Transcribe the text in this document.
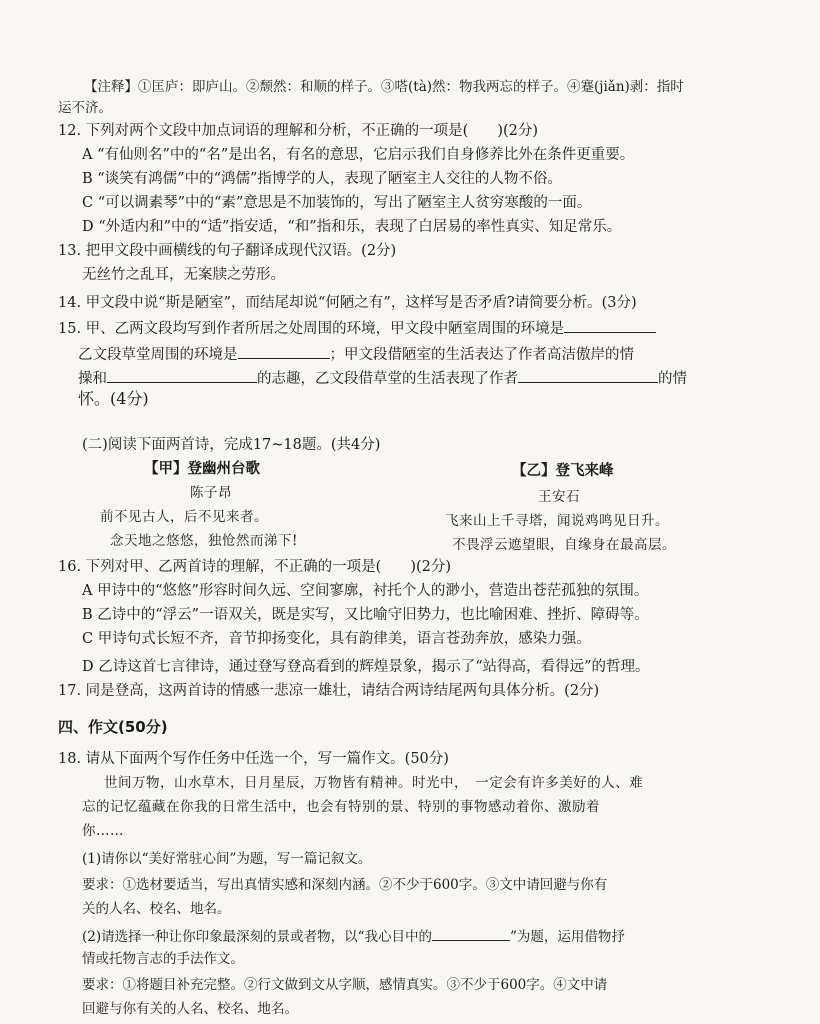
【注释】①匡庐：即庐山。②颓然：和顺的样子。③嗒(tà)然：物我两忘的样子。④蹇(jiǎn)剥：指时
运不济。
12. 下列对两个文段中加点词语的理解和分析，不正确的一项是(　　)(2分)
A “有仙则名”中的“名”是出名，有名的意思，它启示我们自身修养比外在条件更重要。
B “谈笑有鸿儒”中的“鸿儒”指博学的人，表现了陋室主人交往的人物不俗。
C “可以调素琴”中的“素”意思是不加装饰的，写出了陋室主人贫穷寒酸的一面。
D “外适内和”中的“适”指安适，“和”指和乐，表现了白居易的率性真实、知足常乐。
13. 把甲文段中画横线的句子翻译成现代汉语。(2分)
无丝竹之乱耳，无案牍之劳形。
14. 甲文段中说“斯是陋室”，而结尾却说“何陋之有”，这样写是否矛盾?请简要分析。(3分)
15. 甲、乙两文段均写到作者所居之处周围的环境，甲文段中陋室周围的环境是
乙文段草堂周围的环境是	；甲文段借陋室的生活表达了作者高洁傲岸的情
操和	的志趣，乙文段借草堂的生活表现了作者	的情
怀。(4分)
(二)阅读下面两首诗，完成17~18题。(共4分)
【甲】登幽州台歌
陈子昂
前不见古人，后不见来者。
念天地之悠悠，独怆然而涕下!
【乙】登飞来峰
王安石
飞来山上千寻塔，闻说鸡鸣见日升。
不畏浮云遮望眼，自缘身在最高层。
16. 下列对甲、乙两首诗的理解，不正确的一项是(　　)(2分)
A 甲诗中的“悠悠”形容时间久远、空间寥廓，衬托个人的渺小，营造出苍茫孤独的氛围。
B 乙诗中的“浮云”一语双关，既是实写，又比喻守旧势力，也比喻困难、挫折、障碍等。
C 甲诗句式长短不齐，音节抑扬变化，具有韵律美，语言苍劲奔放，感染力强。
D 乙诗这首七言律诗，通过登写登高看到的辉煌景象，揭示了“站得高，看得远”的哲理。
17. 同是登高，这两首诗的情感一悲凉一雄壮，请结合两诗结尾两句具体分析。(2分)
四、作文(50分)
18. 请从下面两个写作任务中任选一个，写一篇作文。(50分)
世间万物，山水草木，日月星辰，万物皆有精神。时光中，　一定会有许多美好的人、难
忘的记忆蕴藏在你我的日常生活中，也会有特别的景、特别的事物感动着你、激励着
你……
(1)请你以“美好常驻心间”为题，写一篇记叙文。
要求：①选材要适当，写出真情实感和深刻内涵。②不少于600字。③文中请回避与你有
关的人名、校名、地名。
(2)请选择一种让你印象最深刻的景或者物，以“我心目中的	”为题，运用借物抒
情或托物言志的手法作文。
要求：①将题目补充完整。②行文做到文从字顺，感情真实。③不少于600字。④文中请
回避与你有关的人名、校名、地名。
